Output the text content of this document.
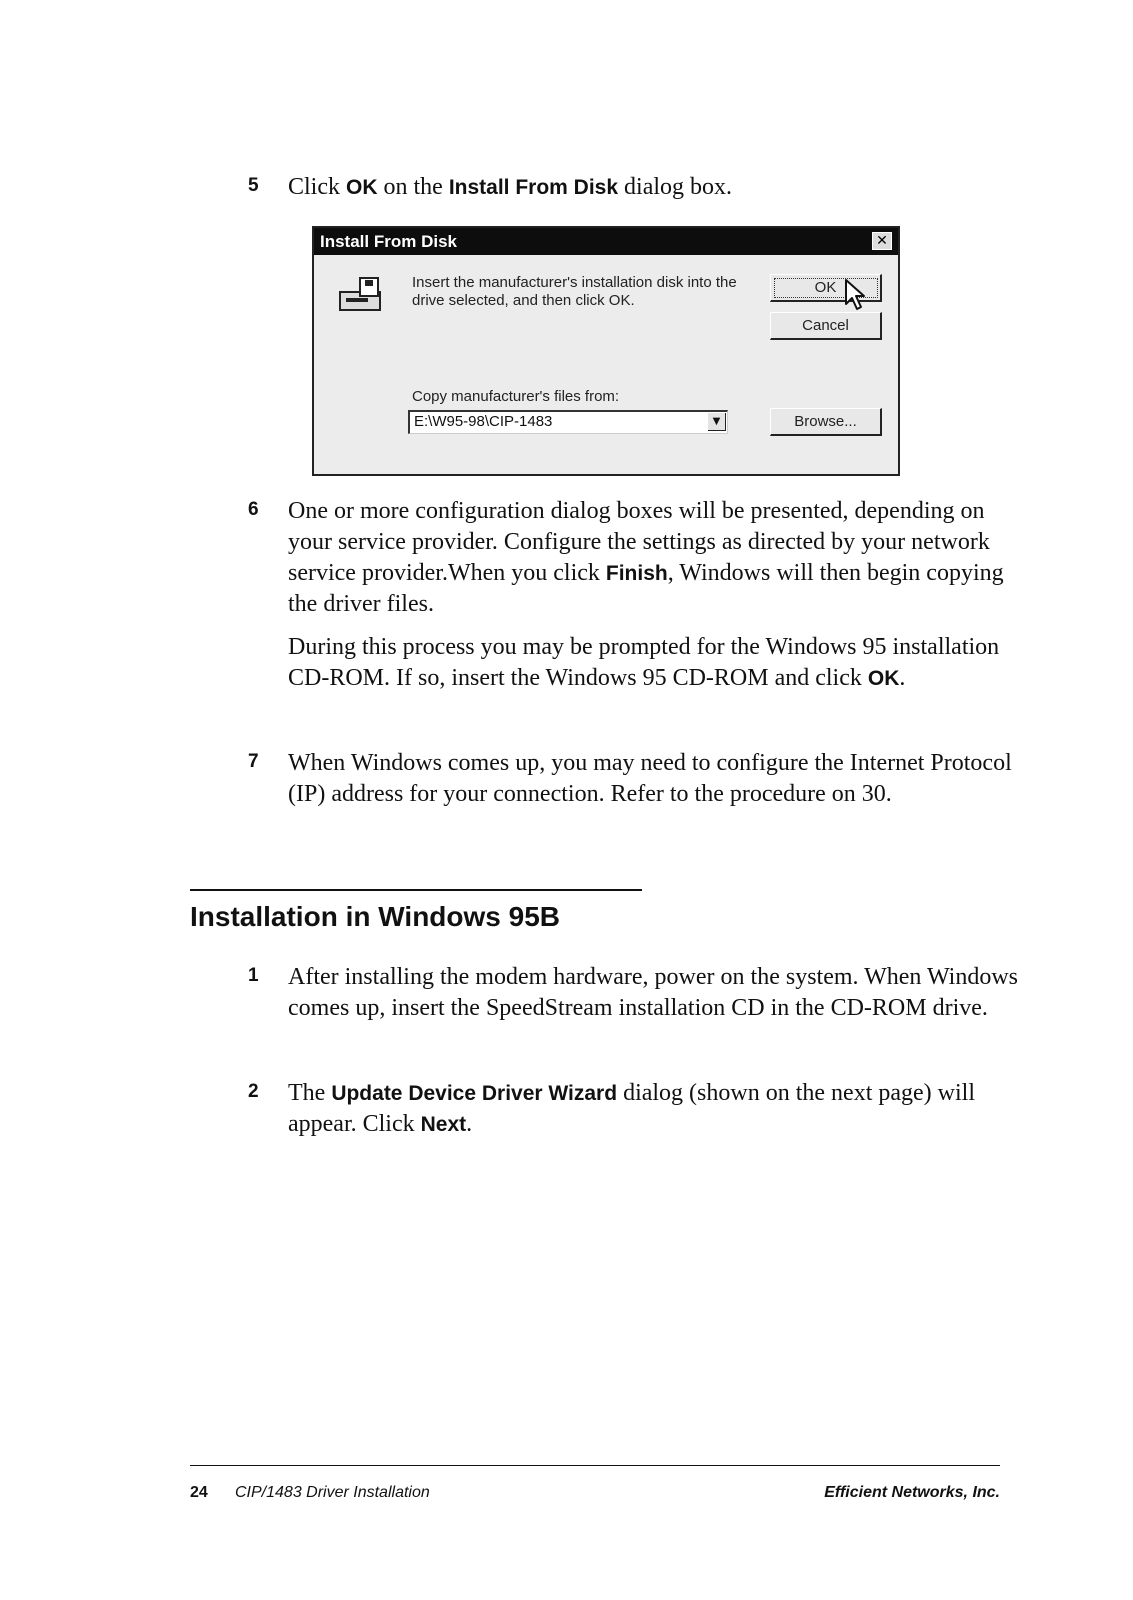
5 Click OK on the Install From Disk dialog box.
Install From Disk	✕
Insert the manufacturer's installation disk into the drive selected, and then click OK.
OK
Cancel
Copy manufacturer's files from:
E:\W95-98\CIP-1483	▼	Browse...
6 One or more configuration dialog boxes will be presented, depending on your service provider. Configure the settings as directed by your network service provider.When you click Finish, Windows will then begin copying the driver files.
During this process you may be prompted for the Windows 95 installation CD-ROM. If so, insert the Windows 95 CD-ROM and click OK.
7 When Windows comes up, you may need to configure the Internet Protocol (IP) address for your connection. Refer to the procedure on 30.
Installation in Windows 95B
1 After installing the modem hardware, power on the system. When Windows comes up, insert the SpeedStream installation CD in the CD-ROM drive.
2 The Update Device Driver Wizard dialog (shown on the next page) will appear. Click Next.
24 CIP/1483 Driver Installation	Efficient Networks, Inc.
